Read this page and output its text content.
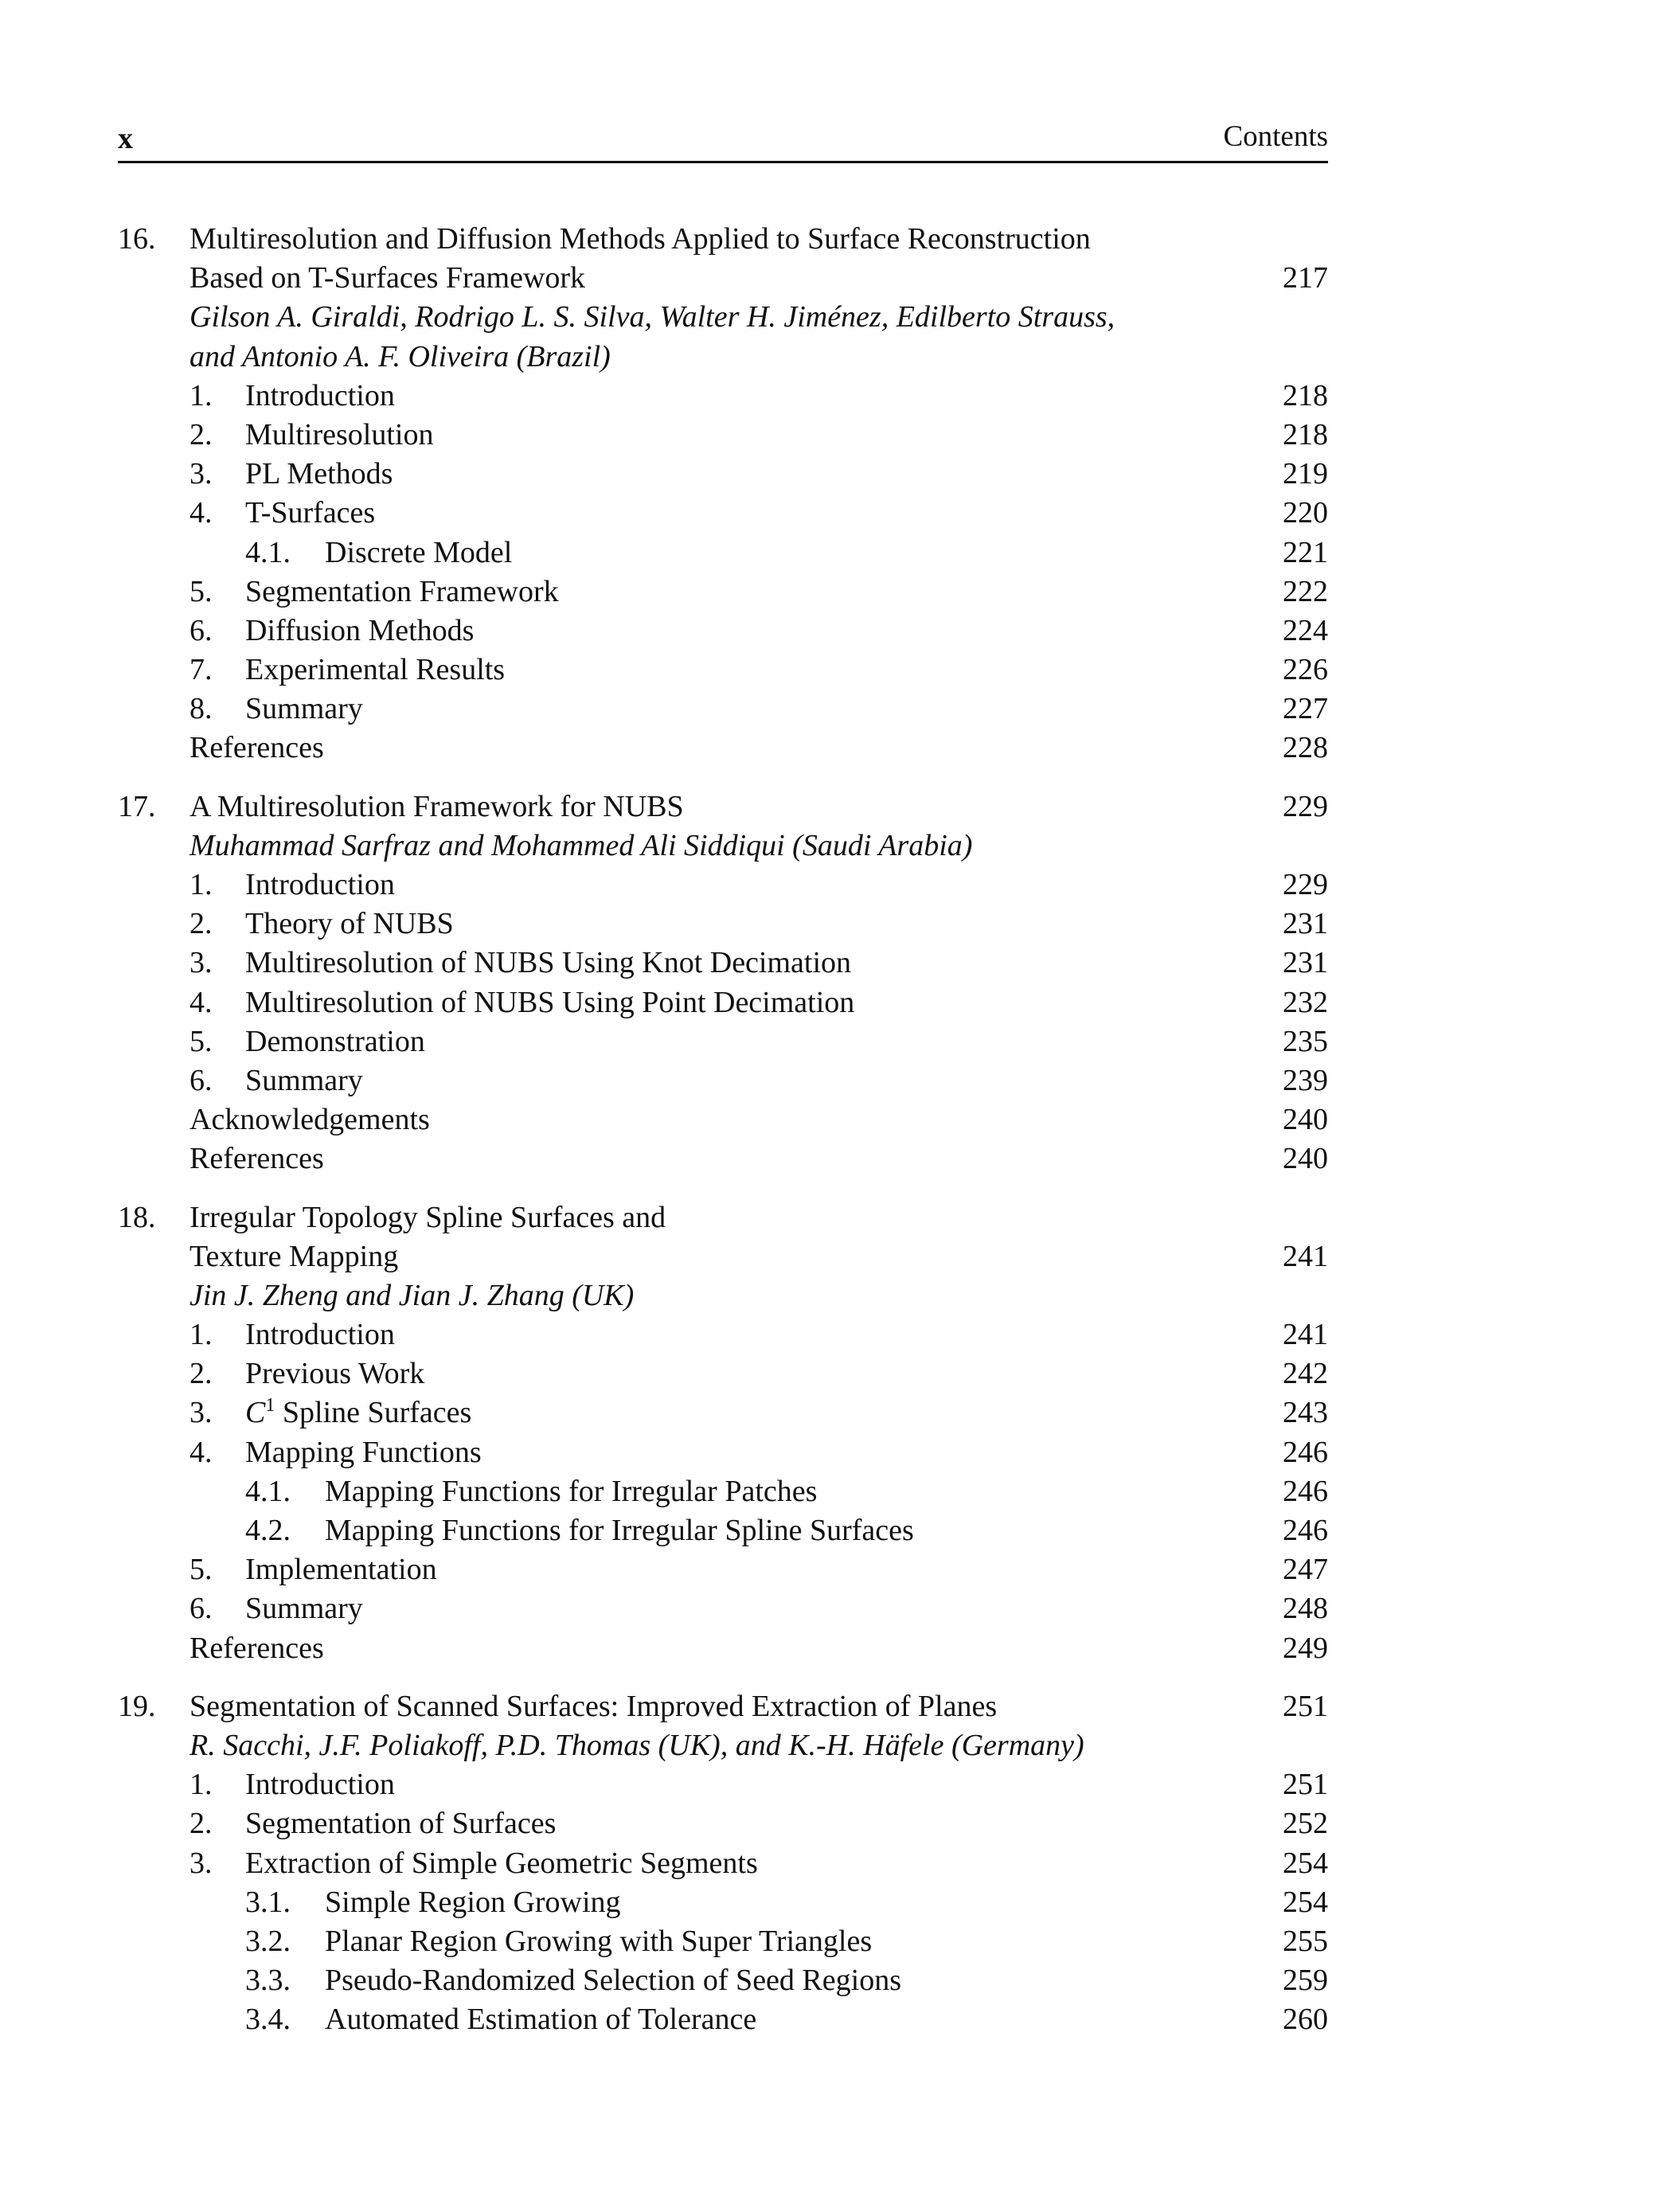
x	Contents
16. Multiresolution and Diffusion Methods Applied to Surface Reconstruction
Based on T-Surfaces Framework	217
Gilson A. Giraldi, Rodrigo L. S. Silva, Walter H. Jiménez, Edilberto Strauss,
and Antonio A. F. Oliveira (Brazil)
1. Introduction	218
2. Multiresolution	218
3. PL Methods	219
4. T-Surfaces	220
4.1. Discrete Model	221
5. Segmentation Framework	222
6. Diffusion Methods	224
7. Experimental Results	226
8. Summary	227
References	228
17. A Multiresolution Framework for NUBS	229
Muhammad Sarfraz and Mohammed Ali Siddiqui (Saudi Arabia)
1. Introduction	229
2. Theory of NUBS	231
3. Multiresolution of NUBS Using Knot Decimation	231
4. Multiresolution of NUBS Using Point Decimation	232
5. Demonstration	235
6. Summary	239
Acknowledgements	240
References	240
18. Irregular Topology Spline Surfaces and
Texture Mapping	241
Jin J. Zheng and Jian J. Zhang (UK)
1. Introduction	241
2. Previous Work	242
3. $C^1$ Spline Surfaces	243
4. Mapping Functions	246
4.1. Mapping Functions for Irregular Patches	246
4.2. Mapping Functions for Irregular Spline Surfaces	246
5. Implementation	247
6. Summary	248
References	249
19. Segmentation of Scanned Surfaces: Improved Extraction of Planes	251
R. Sacchi, J.F. Poliakoff, P.D. Thomas (UK), and K.-H. Häfele (Germany)
1. Introduction	251
2. Segmentation of Surfaces	252
3. Extraction of Simple Geometric Segments	254
3.1. Simple Region Growing	254
3.2. Planar Region Growing with Super Triangles	255
3.3. Pseudo-Randomized Selection of Seed Regions	259
3.4. Automated Estimation of Tolerance	260
